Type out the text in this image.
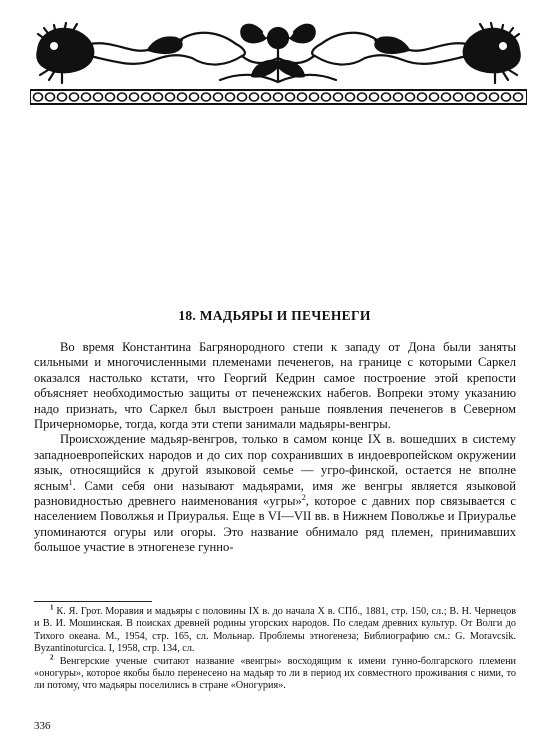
18. МАДЬЯРЫ И ПЕЧЕНЕГИ

Во время Константина Багрянородного степи к западу от Дона были заняты сильными и многочисленными племенами печенегов, на границе с которыми Саркел оказался настолько кстати, что Георгий Кедрин самое построение этой крепости объясняет необходимостью защиты от печенежских набегов. Вопреки этому указанию надо признать, что Саркел был выстроен раньше появления печенегов в Северном Причерноморье, тогда, когда эти степи занимали мадьяры-венгры.

Происхождение мадьяр-венгров, только в самом конце IX в. вошедших в систему западноевропейских народов и до сих пор сохранивших в индоевропейском окружении язык, относящийся к другой языковой семье — угро-финской, остается не вполне ясным$^1$. Сами себя они называют мадьярами, имя же венгры является языковой разновидностью древнего наименования «угры»$^2$, которое с давних пор связывается с населением Поволжья и Приуралья. Еще в VI—VII вв. в Нижнем Поволжье и Приуралье упоминаются огуры или огоры. Это название обнимало ряд племен, принимавших большое участие в этногенезе гунно-

$^1$ К. Я. Грот. Моравия и мадьяры с половины IX в. до начала X в. СПб., 1881, стр. 150, сл.; В. Н. Чернецов и В. И. Мошинская. В поисках древней родины угорских народов. По следам древних культур. От Волги до Тихого океана. М., 1954, стр. 165, сл. Мольнар. Проблемы этногенеза; Библиографию см.: G. Moravcsik. Byzantinoturcica. I, 1958, стр. 134, сл.

$^2$ Венгерские ученые считают название «венгры» восходящим к имени гунно-болгарского племени «оногуры», которое якобы было перенесено на мадьяр то ли в период их совместного проживания с ними, то ли потому, что мадьяры поселились в стране «Оногурия».

336
